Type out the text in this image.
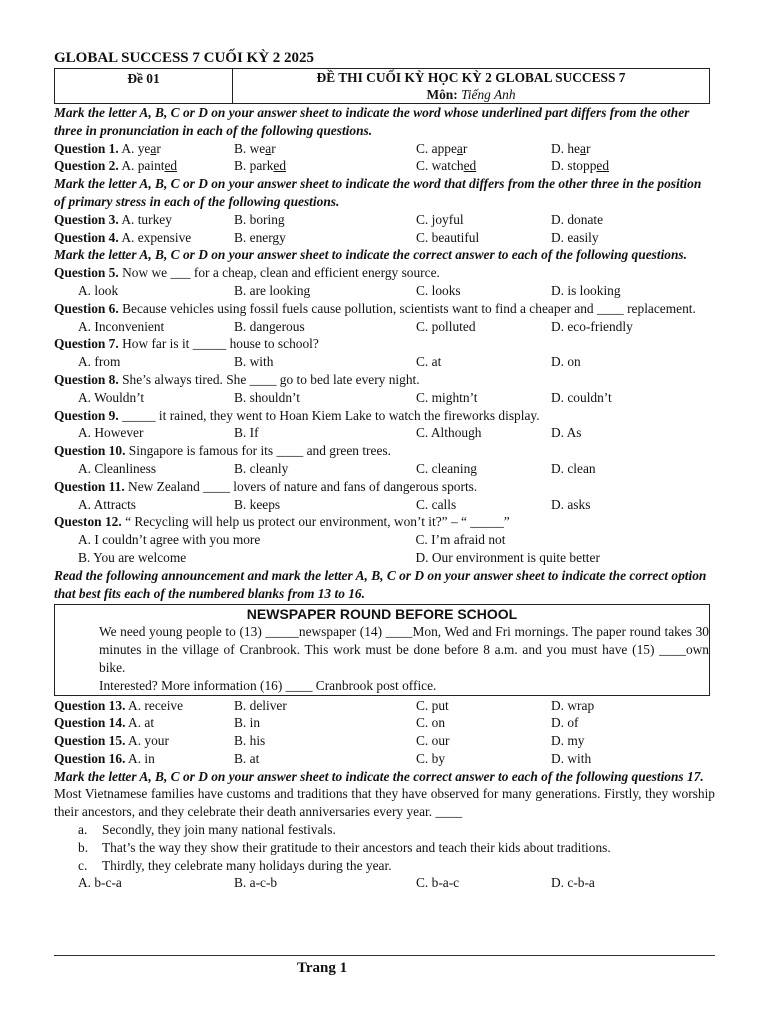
GLOBAL SUCCESS 7 CUỐI KỲ 2 2025
Đề 01	ĐỀ THI CUỐI KỲ HỌC KỲ 2 GLOBAL SUCCESS 7
Môn: Tiếng Anh
Mark the letter A, B, C or D on your answer sheet to indicate the word whose underlined part differs from the other three in pronunciation in each of the following questions.
Question 1. A. year	B. wear	C. appear	D. hear
Question 2. A. painted	B. parked	C. watched	D. stopped
Mark the letter A, B, C or D on your answer sheet to indicate the word that differs from the other three in the position of primary stress in each of the following questions.
Question 3. A. turkey	B. boring	C. joyful	D. donate
Question 4. A. expensive	B. energy	C. beautiful	D. easily
Mark the letter A, B, C or D on your answer sheet to indicate the correct answer to each of the following questions.
Question 5. Now we ___ for a cheap, clean and efficient energy source.
A. look	B. are looking	C. looks	D. is looking
Question 6. Because vehicles using fossil fuels cause pollution, scientists want to find a cheaper and ____ replacement.
A. Inconvenient	B. dangerous	C. polluted	D. eco-friendly
Question 7. How far is it _____ house to school?
A. from	B. with	C. at	D. on
Question 8. She’s always tired. She ____ go to bed late every night.
A. Wouldn’t	B. shouldn’t	C. mightn’t	D. couldn’t
Question 9. _____ it rained, they went to Hoan Kiem Lake to watch the fireworks display.
A. However	B. If	C. Although	D. As
Question 10. Singapore is famous for its ____ and green trees.
A. Cleanliness	B. cleanly	C. cleaning	D. clean
Question 11. New Zealand ____ lovers of nature and fans of dangerous sports.
A. Attracts	B. keeps	C. calls	D. asks
Queston 12. “ Recycling will help us protect our environment, won’t it?” – “ _____”
A. I couldn’t agree with you more	C. I’m afraid not
B. You are welcome	D. Our environment is quite better
Read the following announcement and mark the letter A, B, C or D on your answer sheet to indicate the correct option that best fits each of the numbered blanks from 13 to 16.
NEWSPAPER ROUND BEFORE SCHOOL
We need young people to (13) _____newspaper (14) ____Mon, Wed and Fri mornings. The paper round takes 30 minutes in the village of Cranbrook. This work must be done before 8 a.m. and you must have (15) ____own bike.
Interested? More information (16) ____ Cranbrook post office.
Question 13. A. receive	B. deliver	C. put	D. wrap
Question 14. A. at	B. in	C. on	D. of
Question 15. A. your	B. his	C. our	D. my
Question 16. A. in	B. at	C. by	D. with
Mark the letter A, B, C or D on your answer sheet to indicate the correct answer to each of the following questions 17.
Most Vietnamese families have customs and traditions that they have observed for many generations. Firstly, they worship their ancestors, and they celebrate their death anniversaries every year. ____
a.	Secondly, they join many national festivals.
b.	That’s the way they show their gratitude to their ancestors and teach their kids about traditions.
c.	Thirdly, they celebrate many holidays during the year.
A. b-c-a	B. a-c-b	C. b-a-c	D. c-b-a
Trang 1
